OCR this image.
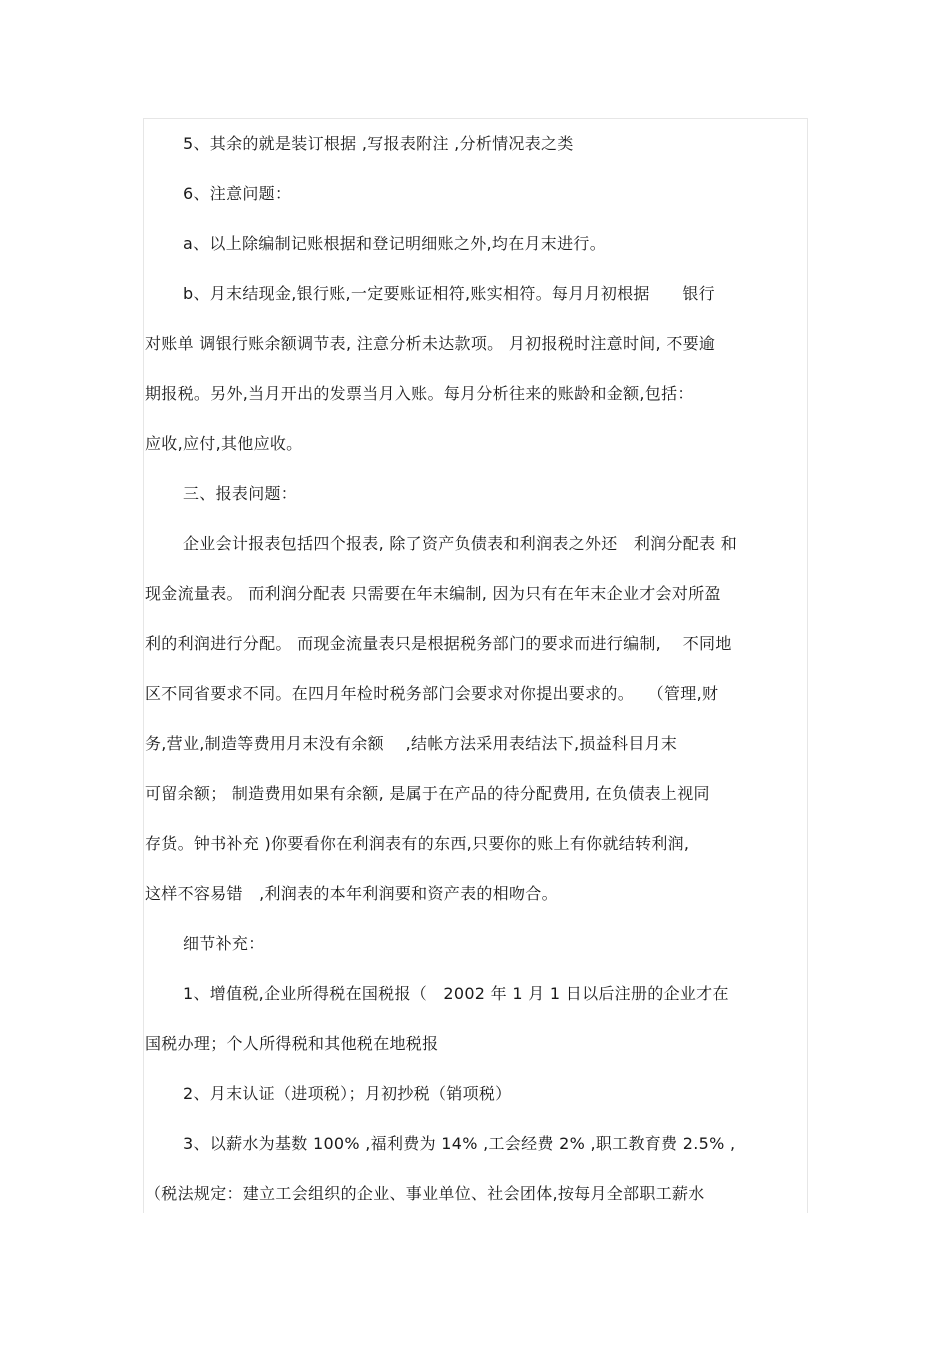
5、其余的就是装订根据 ,写报表附注 ,分析情况表之类
6、注意问题：
a、以上除编制记账根据和登记明细账之外,均在月末进行。
b、月末结现金,银行账,一定要账证相符,账实相符。每月月初根据　　银行
对账单 调银行账余额调节表, 注意分析未达款项。 月初报税时注意时间, 不要逾
期报税。另外,当月开出的发票当月入账。每月分析往来的账龄和金额,包括：
应收,应付,其他应收。
三、报表问题：
企业会计报表包括四个报表, 除了资产负债表和利润表之外还　利润分配表 和
现金流量表。 而利润分配表 只需要在年末编制, 因为只有在年末企业才会对所盈
利的利润进行分配。 而现金流量表只是根据税务部门的要求而进行编制,　 不同地
区不同省要求不同。在四月年检时税务部门会要求对你提出要求的。　 （管理,财
务,营业,制造等费用月末没有余额　 ,结帐方法采用表结法下,损益科目月末
可留余额； 制造费用如果有余额, 是属于在产品的待分配费用, 在负债表上视同
存货。钟书补充 )你要看你在利润表有的东西,只要你的账上有你就结转利润,
这样不容易错　,利润表的本年利润要和资产表的相吻合。
细节补充：
1、增值税,企业所得税在国税报（　2002 年 1 月 1 日以后注册的企业才在
国税办理；个人所得税和其他税在地税报
2、月末认证（进项税）；月初抄税（销项税）
3、以薪水为基数 100% ,福利费为 14% ,工会经费 2% ,职工教育费 2.5% ,
（税法规定：建立工会组织的企业、事业单位、社会团体,按每月全部职工薪水
